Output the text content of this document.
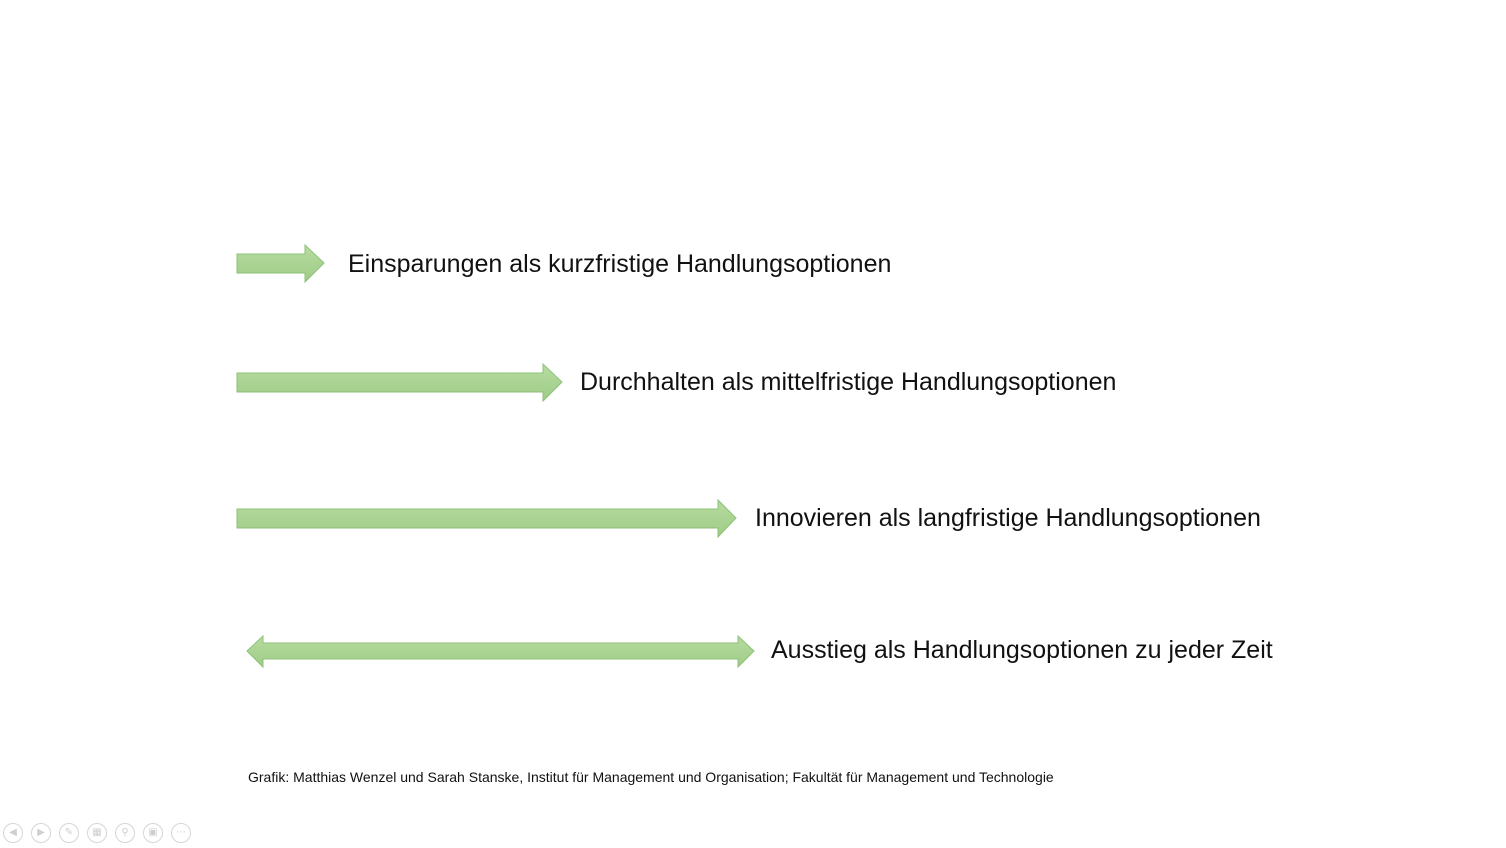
Einsparungen als kurzfristige Handlungsoptionen
Durchhalten als mittelfristige Handlungsoptionen
Innovieren als langfristige Handlungsoptionen
Ausstieg als Handlungsoptionen zu jeder Zeit
Grafik: Matthias Wenzel und Sarah Stanske, Institut für Management und Organisation; Fakultät für Management und Technologie
◀	▶	✎	▦	⚲	▣	⋯
